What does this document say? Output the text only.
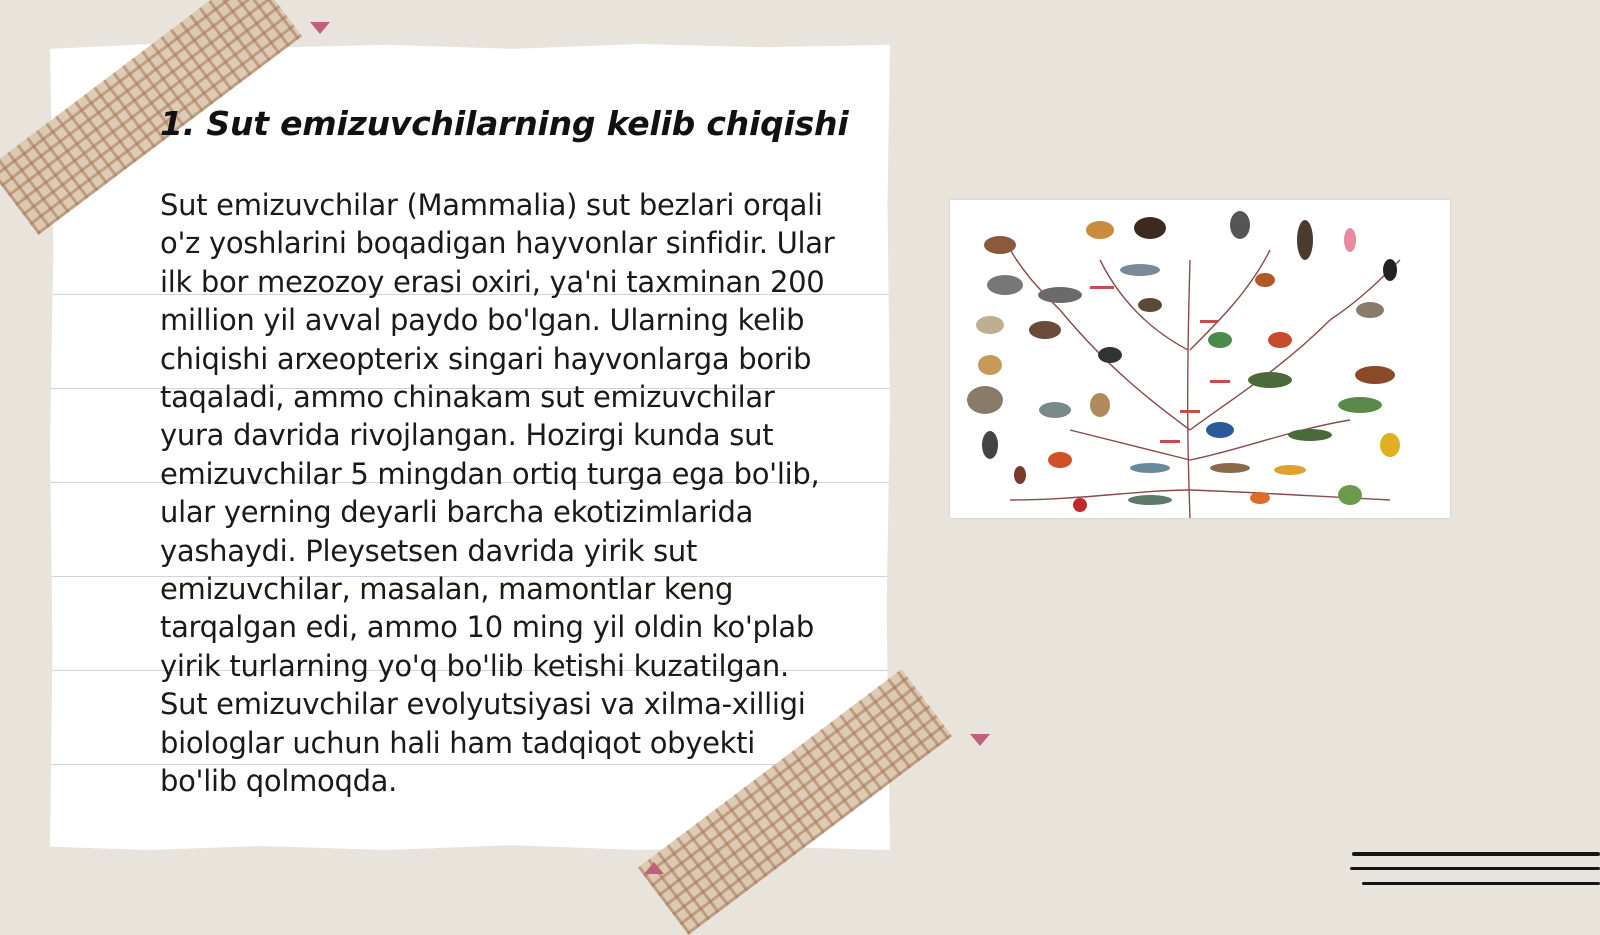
1. Sut emizuvchilarning kelib chiqishi

Sut emizuvchilar (Mammalia) sut bezlari orqali o'z yoshlarini boqadigan hayvonlar sinfidir. Ular ilk bor mezozoy erasi oxiri, ya'ni taxminan 200 million yil avval paydo bo'lgan. Ularning kelib chiqishi arxeopterix singari hayvonlarga borib taqaladi, ammo chinakam sut emizuvchilar yura davrida rivojlangan. Hozirgi kunda sut emizuvchilar 5 mingdan ortiq turga ega bo'lib, ular yerning deyarli barcha ekotizimlarida yashaydi. Pleysetsen davrida yirik sut emizuvchilar, masalan, mamontlar keng tarqalgan edi, ammo 10 ming yil oldin ko'plab yirik turlarning yo'q bo'lib ketishi kuzatilgan. Sut emizuvchilar evolyutsiyasi va xilma-xilligi biologlar uchun hali ham tadqiqot obyekti bo'lib qolmoqda.
